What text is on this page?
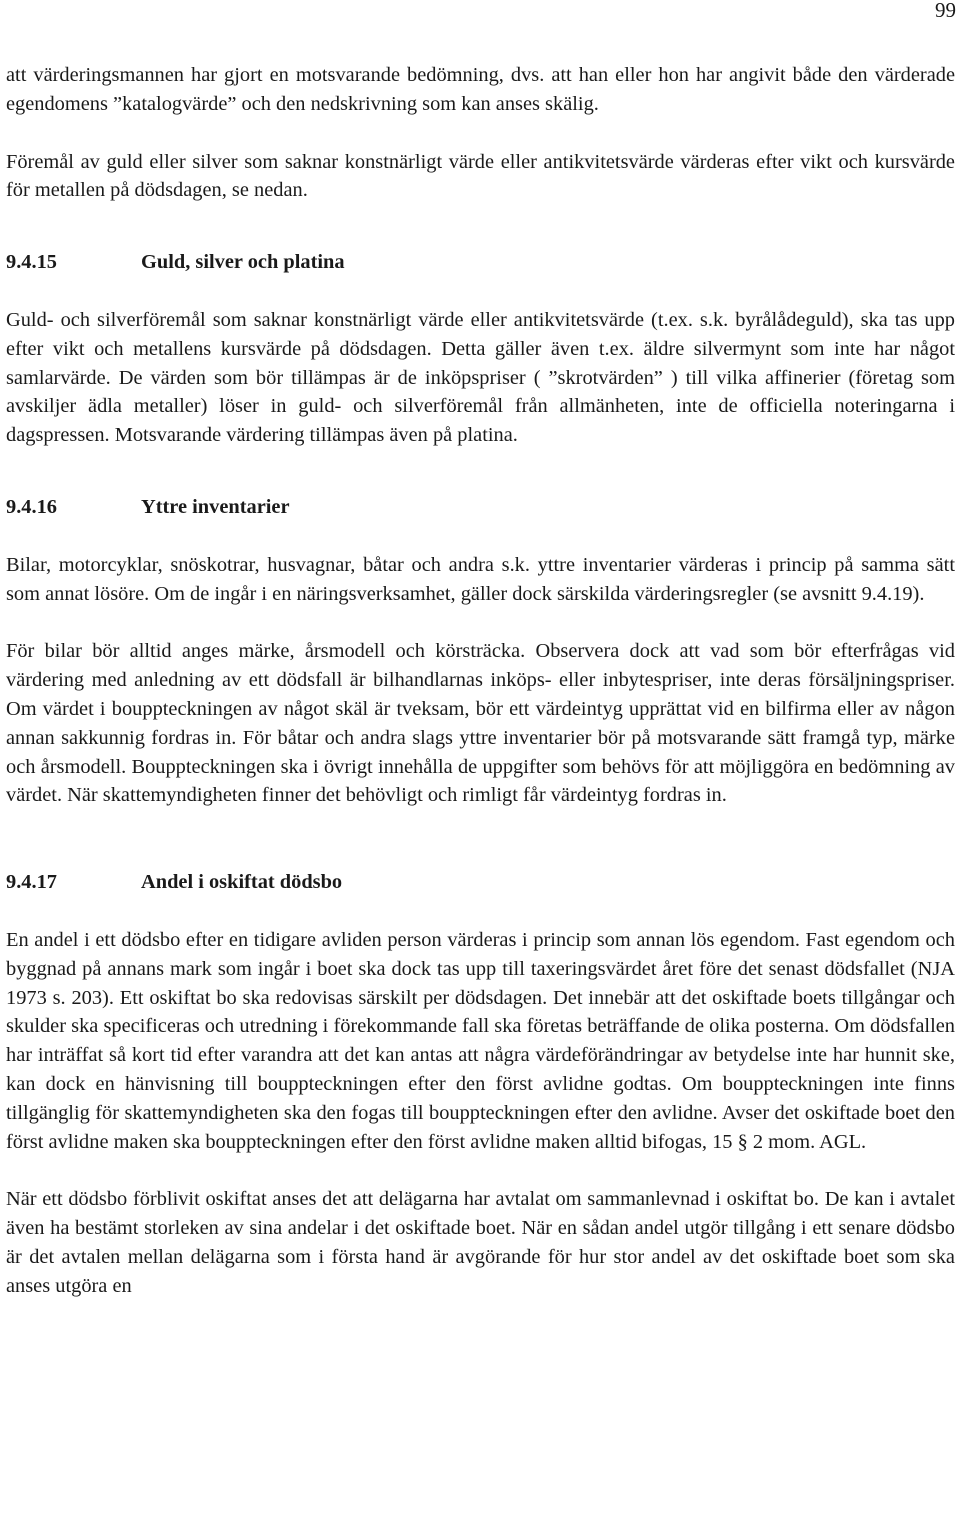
99

att värderingsmannen har gjort en motsvarande bedömning, dvs. att han eller hon har angivit både den värderade egendomens ”katalogvärde” och den nedskrivning som kan anses skälig.

Föremål av guld eller silver som saknar konstnärligt värde eller antikvitetsvärde värderas efter vikt och kursvärde för metallen på dödsdagen, se nedan.

9.4.15	Guld, silver och platina

Guld- och silverföremål som saknar konstnärligt värde eller antikvitetsvärde (t.ex. s.k. byrålådeguld), ska tas upp efter vikt och metallens kursvärde på dödsdagen. Detta gäller även t.ex. äldre silvermynt som inte har något samlarvärde. De värden som bör tillämpas är de inköpspriser ( ”skrotvärden” ) till vilka affinerier (företag som avskiljer ädla metaller) löser in guld- och silverföremål från allmänheten, inte de officiella noteringarna i dagspressen. Motsvarande värdering tillämpas även på platina.

9.4.16	Yttre inventarier

Bilar, motorcyklar, snöskotrar, husvagnar, båtar och andra s.k. yttre inventarier värderas i princip på samma sätt som annat lösöre. Om de ingår i en näringsverksamhet, gäller dock särskilda värderingsregler (se avsnitt 9.4.19).

För bilar bör alltid anges märke, årsmodell och körsträcka. Observera dock att vad som bör efterfrågas vid värdering med anledning av ett dödsfall är bilhandlarnas inköps- eller inbytespriser, inte deras försäljningspriser. Om värdet i bouppteckningen av något skäl är tveksam, bör ett värdeintyg upprättat vid en bilfirma eller av någon annan sakkunnig fordras in. För båtar och andra slags yttre inventarier bör på motsvarande sätt framgå typ, märke och årsmodell. Bouppteckningen ska i övrigt innehålla de uppgifter som behövs för att möjliggöra en bedömning av värdet. När skattemyndigheten finner det behövligt och rimligt får värdeintyg fordras in.

9.4.17	Andel i oskiftat dödsbo

En andel i ett dödsbo efter en tidigare avliden person värderas i princip som annan lös egendom. Fast egendom och byggnad på annans mark som ingår i boet ska dock tas upp till taxeringsvärdet året före det senast dödsfallet (NJA 1973 s. 203). Ett oskiftat bo ska redovisas särskilt per dödsdagen. Det innebär att det oskiftade boets tillgångar och skulder ska specificeras och utredning i förekommande fall ska företas beträffande de olika posterna. Om dödsfallen har inträffat så kort tid efter varandra att det kan antas att några värdeförändringar av betydelse inte har hunnit ske, kan dock en hänvisning till bouppteckningen efter den först avlidne godtas. Om bouppteckningen inte finns tillgänglig för skattemyndigheten ska den fogas till bouppteckningen efter den avlidne. Avser det oskiftade boet den först avlidne maken ska bouppteckningen efter den först avlidne maken alltid bifogas, 15 § 2 mom. AGL.

När ett dödsbo förblivit oskiftat anses det att delägarna har avtalat om sammanlevnad i oskiftat bo. De kan i avtalet även ha bestämt storleken av sina andelar i det oskiftade boet. När en sådan andel utgör tillgång i ett senare dödsbo är det avtalen mellan delägarna som i första hand är avgörande för hur stor andel av det oskiftade boet som ska anses utgöra en
